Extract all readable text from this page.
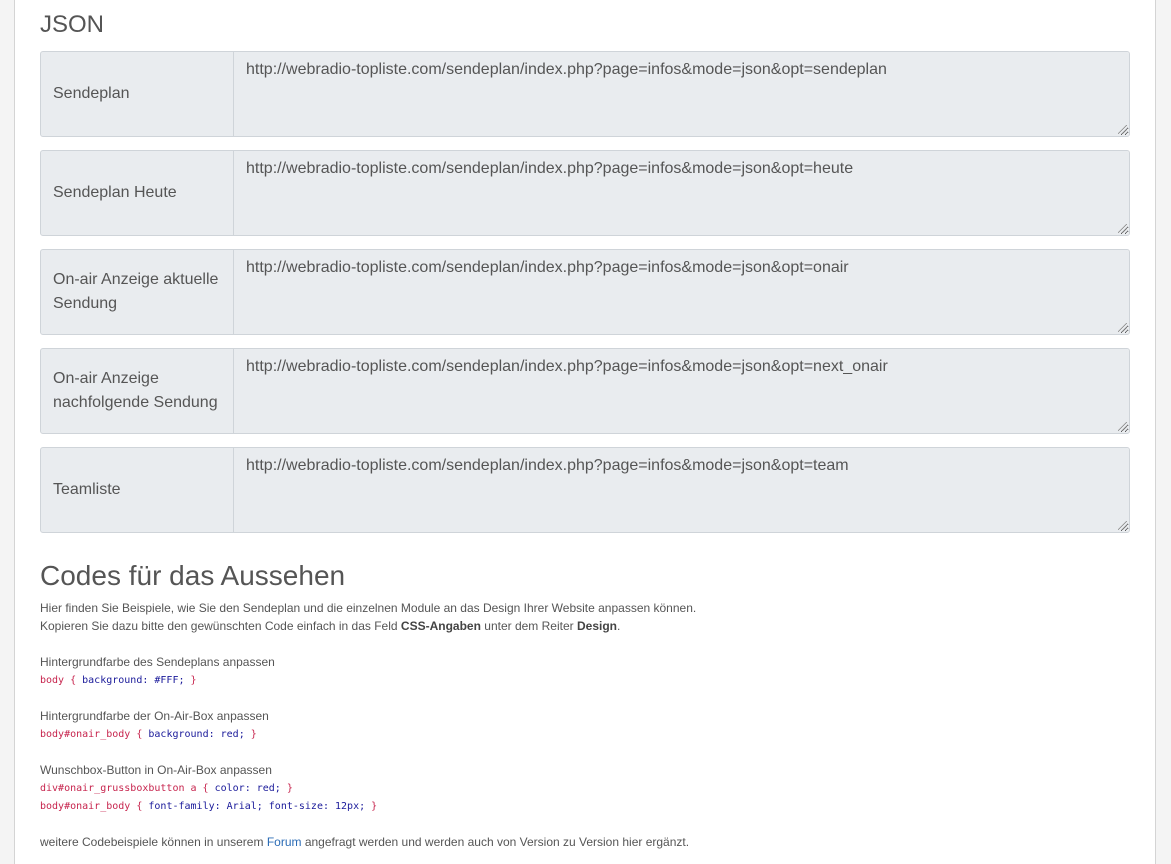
JSON
Sendeplan
http://webradio-topliste.com/sendeplan/index.php?page=infos&mode=json&opt=sendeplan
Sendeplan Heute
http://webradio-topliste.com/sendeplan/index.php?page=infos&mode=json&opt=heute
On-air Anzeige aktuelle Sendung
http://webradio-topliste.com/sendeplan/index.php?page=infos&mode=json&opt=onair
On-air Anzeige nachfolgende Sendung
http://webradio-topliste.com/sendeplan/index.php?page=infos&mode=json&opt=next_onair
Teamliste
http://webradio-topliste.com/sendeplan/index.php?page=infos&mode=json&opt=team
Codes für das Aussehen
Hier finden Sie Beispiele, wie Sie den Sendeplan und die einzelnen Module an das Design Ihrer Website anpassen können.
Kopieren Sie dazu bitte den gewünschten Code einfach in das Feld CSS-Angaben unter dem Reiter Design.
Hintergrundfarbe des Sendeplans anpassen
body { background: #FFF; }
Hintergrundfarbe der On-Air-Box anpassen
body#onair_body { background: red; }
Wunschbox-Button in On-Air-Box anpassen
div#onair_grussboxbutton a { color: red; }
body#onair_body { font-family: Arial; font-size: 12px; }
weitere Codebeispiele können in unserem Forum angefragt werden und werden auch von Version zu Version hier ergänzt.
